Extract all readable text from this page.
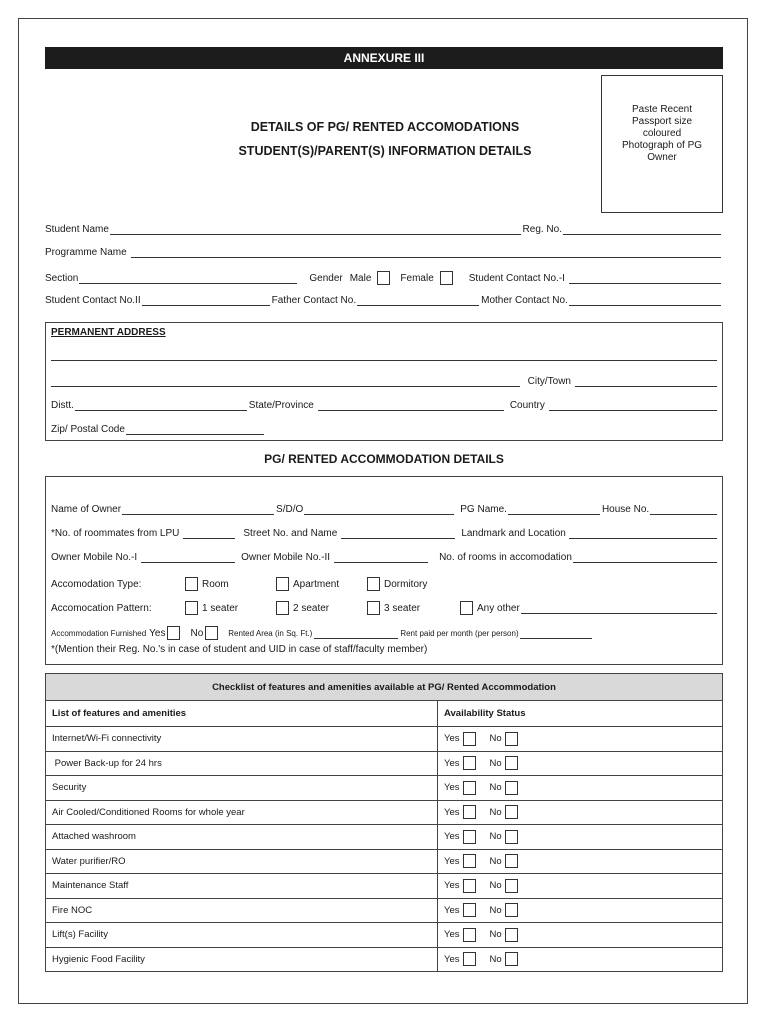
ANNEXURE III
DETAILS OF PG/ RENTED ACCOMODATIONS
STUDENT(S)/PARENT(S) INFORMATION DETAILS
Paste Recent
Passport size
coloured
Photograph of PG
Owner
Student Name	Reg. No.
Programme Name
Section	Gender Male	Female	Student Contact No.-I
Student Contact No.II	Father Contact No.	Mother Contact No.
PERMANENT ADDRESS
City/Town
Distt.	State/Province	Country
Zip/ Postal Code
PG/ RENTED ACCOMMODATION DETAILS
Name of Owner	S/D/O	PG Name.	House No.
*No. of roommates from LPU	Street No. and Name	Landmark and Location
Owner Mobile No.-I	Owner Mobile No.-II	No. of rooms in accomodation
Accomodation Type:	Room	Apartment	Dormitory
Accomocation Pattern:	1 seater	2 seater	3 seater	Any other
Accommodation Furnished Yes	No	Rented Area (in Sq. Ft.)	Rent paid per month (per person)
*(Mention their Reg. No.'s in case of student and UID in case of staff/faculty member)
Checklist of features and amenities available at PG/ Rented Accommodation	
List of features and amenities	Availability Status
Internet/Wi-Fi connectivity	Yes No

Power Back-up for 24 hrs	Yes No

Security	Yes No

Air Cooled/Conditioned Rooms for whole year	Yes No

Attached washroom	Yes No

Water purifier/RO	Yes No

Maintenance Staff	Yes No

Fire NOC	Yes No

Lift(s) Facility	Yes No

Hygienic Food Facility	Yes No
